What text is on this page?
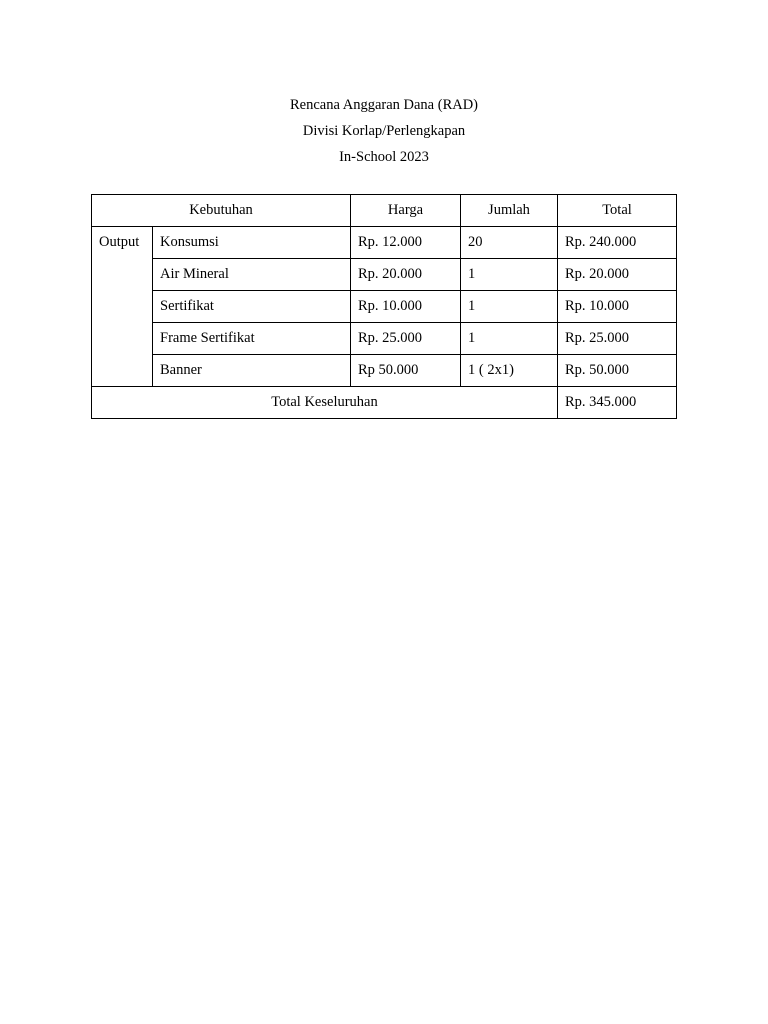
Rencana Anggaran Dana (RAD)
Divisi Korlap/Perlengkapan
In-School 2023
Kebutuhan		Harga	Jumlah	Total
Output	Konsumsi	Rp. 12.000	20	Rp. 240.000
	Air Mineral	Rp. 20.000	1	Rp. 20.000
	Sertifikat	Rp. 10.000	1	Rp. 10.000
	Frame Sertifikat	Rp. 25.000	1	Rp. 25.000
	Banner	Rp 50.000	1 ( 2x1)	Rp. 50.000
Total Keseluruhan				Rp. 345.000
